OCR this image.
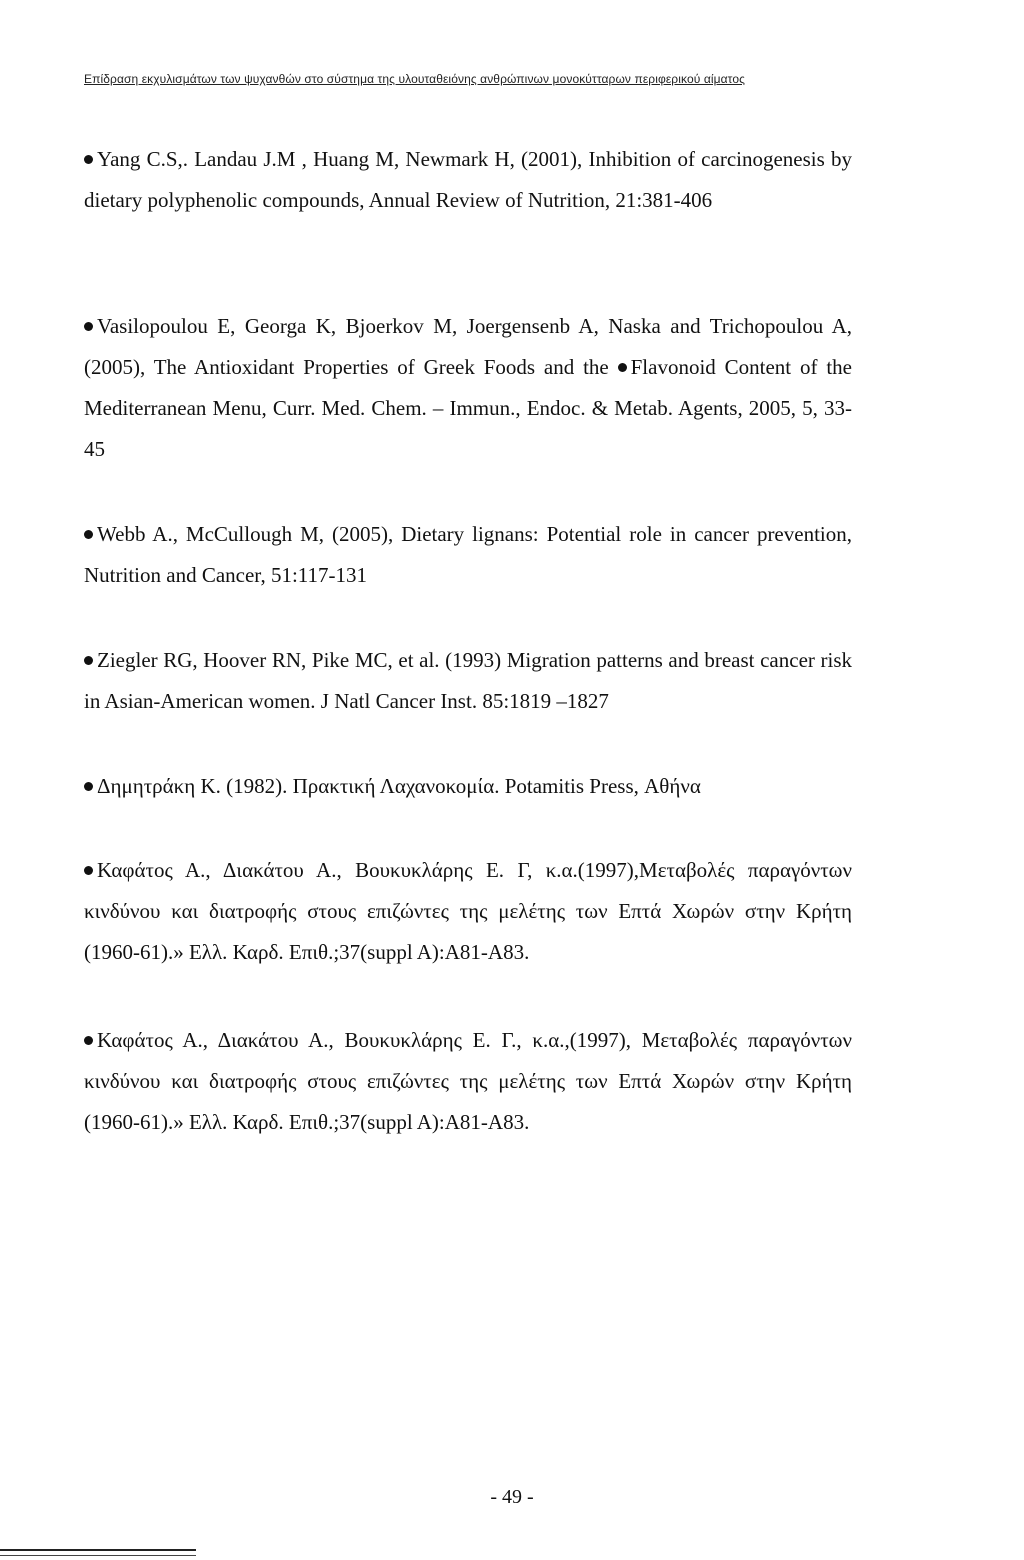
Επίδραση εκχυλισμάτων των ψυχανθών στο σύστημα της υλουταθειόνης ανθρώπινων μονοκύτταρων περιφερικού αίματος
Yang C.S,. Landau J.M , Huang M, Newmark H, (2001), Inhibition of carcinogenesis by dietary polyphenolic compounds, Annual Review of Nutrition, 21:381-406
Vasilopoulou E, Georga K, Bjoerkov M, Joergensenb A, Naska and Trichopoulou A, (2005), The Antioxidant Properties of Greek Foods and the Flavonoid Content of the Mediterranean Menu, Curr. Med. Chem. – Immun., Endoc. & Metab. Agents, 2005, 5, 33-45
Webb A., McCullough M, (2005), Dietary lignans: Potential role in cancer prevention, Nutrition and Cancer, 51:117-131
Ziegler RG, Hoover RN, Pike MC, et al. (1993) Migration patterns and breast cancer risk in Asian-American women. J Natl Cancer Inst. 85:1819 –1827
Δημητράκη Κ. (1982). Πρακτική Λαχανοκομία. Potamitis Press, Αθήνα
Καφάτος Α., Διακάτου Α., Βουκυκλάρης Ε. Γ, κ.α.(1997),Μεταβολές παραγόντων κινδύνου και διατροφής στους επιζώντες της μελέτης των Επτά Χωρών στην Κρήτη (1960-61).» Ελλ. Καρδ. Επιθ.;37(suppl A):A81-A83.
Καφάτος Α., Διακάτου Α., Βουκυκλάρης Ε. Γ., κ.α.,(1997), Μεταβολές παραγόντων κινδύνου και διατροφής στους επιζώντες της μελέτης των Επτά Χωρών στην Κρήτη (1960-61).» Ελλ. Καρδ. Επιθ.;37(suppl A):A81-A83.
- 49 -
